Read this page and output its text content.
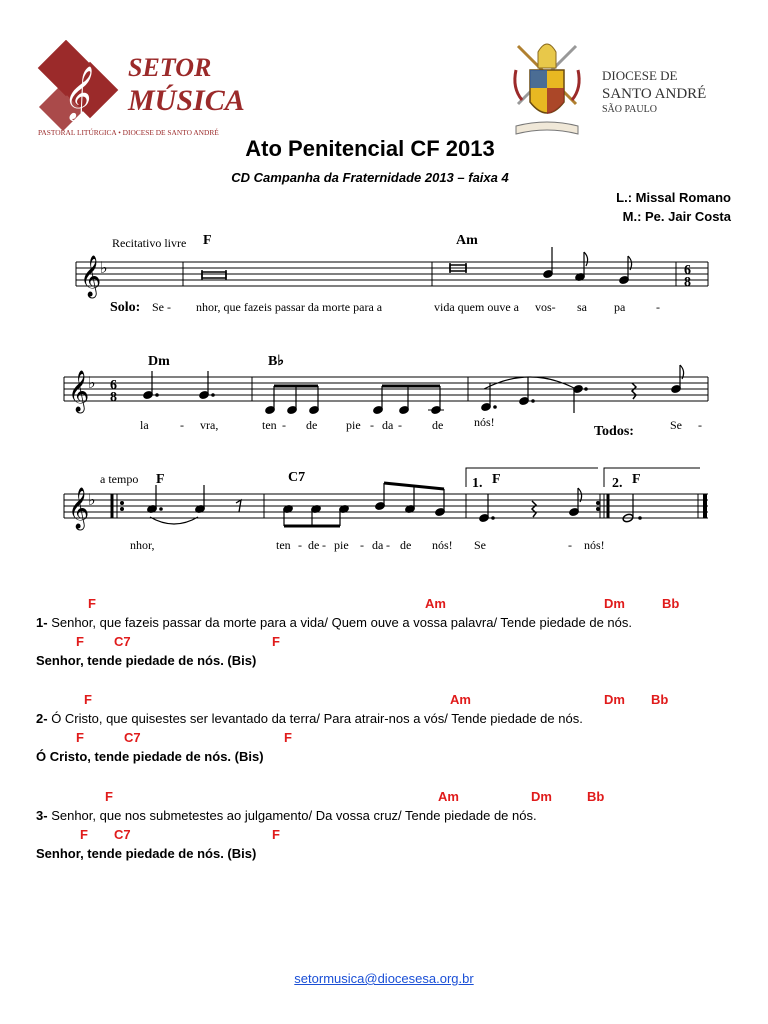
𝄞 SETOR
MÚSICA
PASTORAL LITÚRGICA • DIOCESE DE SANTO ANDRÉ
DIOCESE DE
SANTO ANDRÉ
SÃO PAULO
Ato Penitencial CF 2013
CD Campanha da Fraternidade 2013 – faixa 4
L.: Missal Romano
M.: Pe. Jair Costa
𝄞
♭
𝄞
♭
𝄞
♭
6
8
6
8
Recitativo livre F	Am
Dm	B♭
a tempo F	C7	1. F	2. F
Solo: Se - nhor, que fazeis passar da morte para a	vida quem ouve a vos- sa pa	-
la	- vra,	ten - de pie - da -	de	nós!	Se -
Todos:
nhor,	ten - de - pie - da - de nós! Se	- nós!
F	Am	Dm	Bb
1- Senhor, que fazeis passar da morte para a vida/ Quem ouve a vossa palavra/ Tende piedade de nós.
F C7	F
Senhor, tende piedade de nós. (Bis)
F	Am	Dm Bb
2- Ó Cristo, que quisestes ser levantado da terra/ Para atrair-nos a vós/ Tende piedade de nós.
F	C7	F
Ó Cristo, tende piedade de nós. (Bis)
F	Am	Dm	Bb
3- Senhor, que nos submetestes ao julgamento/ Da vossa cruz/ Tende piedade de nós.
F C7	F
Senhor, tende piedade de nós. (Bis)
setormusica@diocesesa.org.br
